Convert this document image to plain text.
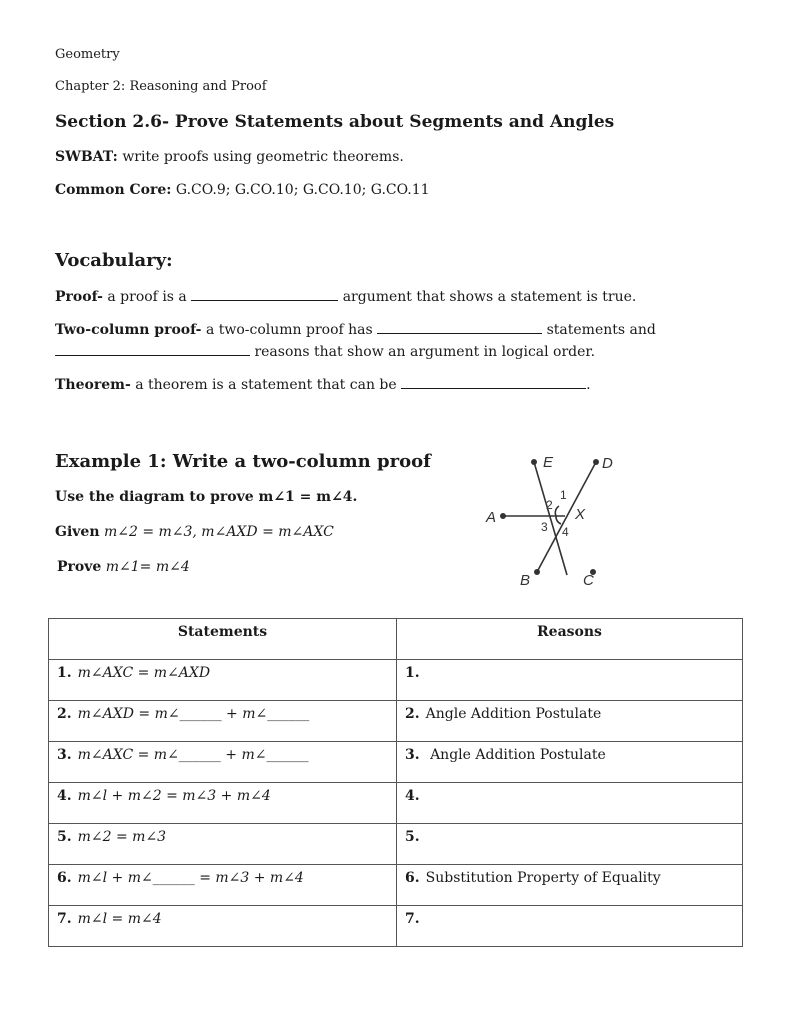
Geometry
Chapter 2: Reasoning and Proof
Section 2.6- Prove Statements about Segments and Angles
SWBAT: write proofs using geometric theorems.
Common Core: G.CO.9; G.CO.10; G.CO.10; G.CO.11
Vocabulary:
Proof- a proof is a	argument that shows a statement is true.
Two-column proof- a two-column proof has	statements and
reasons that show an argument in logical order.
Theorem- a theorem is a statement that can be	.
Example 1: Write a two-column proof
Use the diagram to prove m∠1 = m∠4.
Given m∠2 = m∠3, m∠AXD = m∠AXC
Prove m∠1= m∠4
E	D
A	X
B	C
1
2
3 4
Statements	Reasons
1. m∠AXC = m∠AXD	1.
2. m∠AXD = m∠______ + m∠______	2. Angle Addition Postulate
3. m∠AXC = m∠______ + m∠______	3. Angle Addition Postulate
4. m∠l + m∠2 = m∠3 + m∠4	4.
5. m∠2 = m∠3	5.
6. m∠l + m∠______ = m∠3 + m∠4	6. Substitution Property of Equality
7. m∠l = m∠4	7.
